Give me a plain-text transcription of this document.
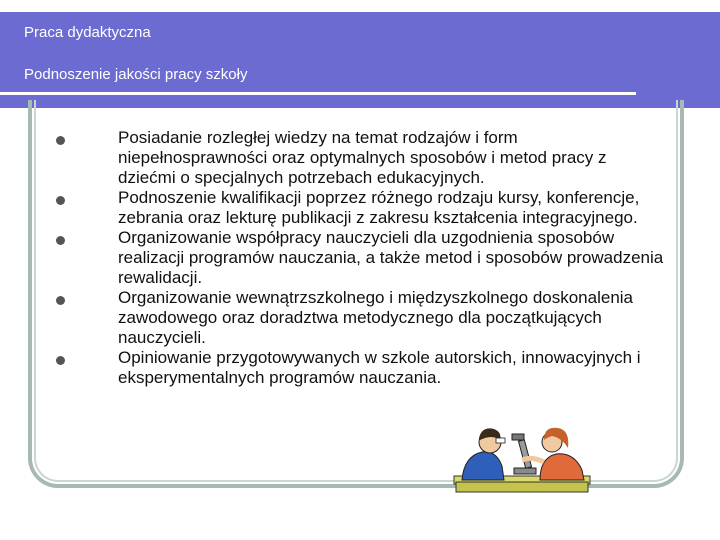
Praca dydaktyczna
Podnoszenie jakości pracy szkoły
Posiadanie rozległej wiedzy na temat rodzajów i form niepełnosprawności oraz optymalnych sposobów i metod pracy z dziećmi o specjalnych potrzebach edukacyjnych.
Podnoszenie kwalifikacji poprzez różnego rodzaju kursy, konferencje, zebrania oraz lekturę publikacji z zakresu kształcenia integracyjnego.
Organizowanie współpracy nauczycieli dla uzgodnienia sposobów realizacji programów nauczania, a także metod i sposobów prowadzenia rewalidacji.
Organizowanie wewnątrzszkolnego i międzyszkolnego doskonalenia zawodowego oraz doradztwa metodycznego dla początkujących nauczycieli.
Opiniowanie przygotowywanych w szkole autorskich, innowacyjnych i eksperymentalnych programów nauczania.
